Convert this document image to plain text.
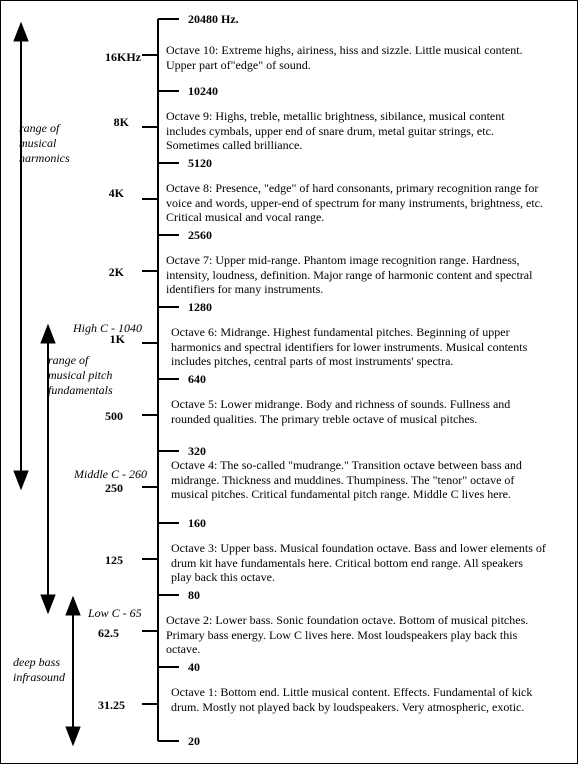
20480 Hz.
10240
5120
2560
1280
640
320
160
80
40
20
16KHz
8K
4K
2K
1K
500
250
125
62.5
31.25
Octave 10: Extreme highs, airiness, hiss and sizzle. Little musical content. Upper part of"edge" of sound.
Octave 9: Highs, treble, metallic brightness, sibilance, musical content includes cymbals, upper end of snare drum, metal guitar strings, etc. Sometimes called brilliance.
Octave 8: Presence, "edge" of hard consonants, primary recognition range for voice and words, upper-end of spectrum for many instruments, brightness, etc. Critical musical and vocal range.
Octave 7: Upper mid-range. Phantom image recognition range. Hardness, intensity, loudness, definition. Major range of harmonic content and spectral identifiers for many instruments.
Octave 6: Midrange. Highest fundamental pitches. Beginning of upper harmonics and spectral identifiers for lower instruments. Musical contents includes pitches, central parts of most instruments' spectra.
Octave 5: Lower midrange. Body and richness of sounds. Fullness and rounded qualities. The primary treble octave of musical pitches.
Octave 4: The so-called "mudrange." Transition octave between bass and midrange. Thickness and muddines. Thumpiness. The "tenor" octave of musical pitches. Critical fundamental pitch range. Middle C lives here.
Octave 3: Upper bass. Musical foundation octave. Bass and lower elements of drum kit have fundamentals here. Critical bottom end range. All speakers play back this octave.
Octave 2: Lower bass. Sonic foundation octave. Bottom of musical pitches. Primary bass energy. Low C lives here. Most loudspeakers play back this octave.
Octave 1: Bottom end. Little musical content. Effects. Fundamental of kick drum. Mostly not played back by loudspeakers. Very atmospheric, exotic.
range of musical harmonics
range of musical pitch fundamentals
deep bass infrasound
High C - 1040
Middle C - 260
Low C - 65
